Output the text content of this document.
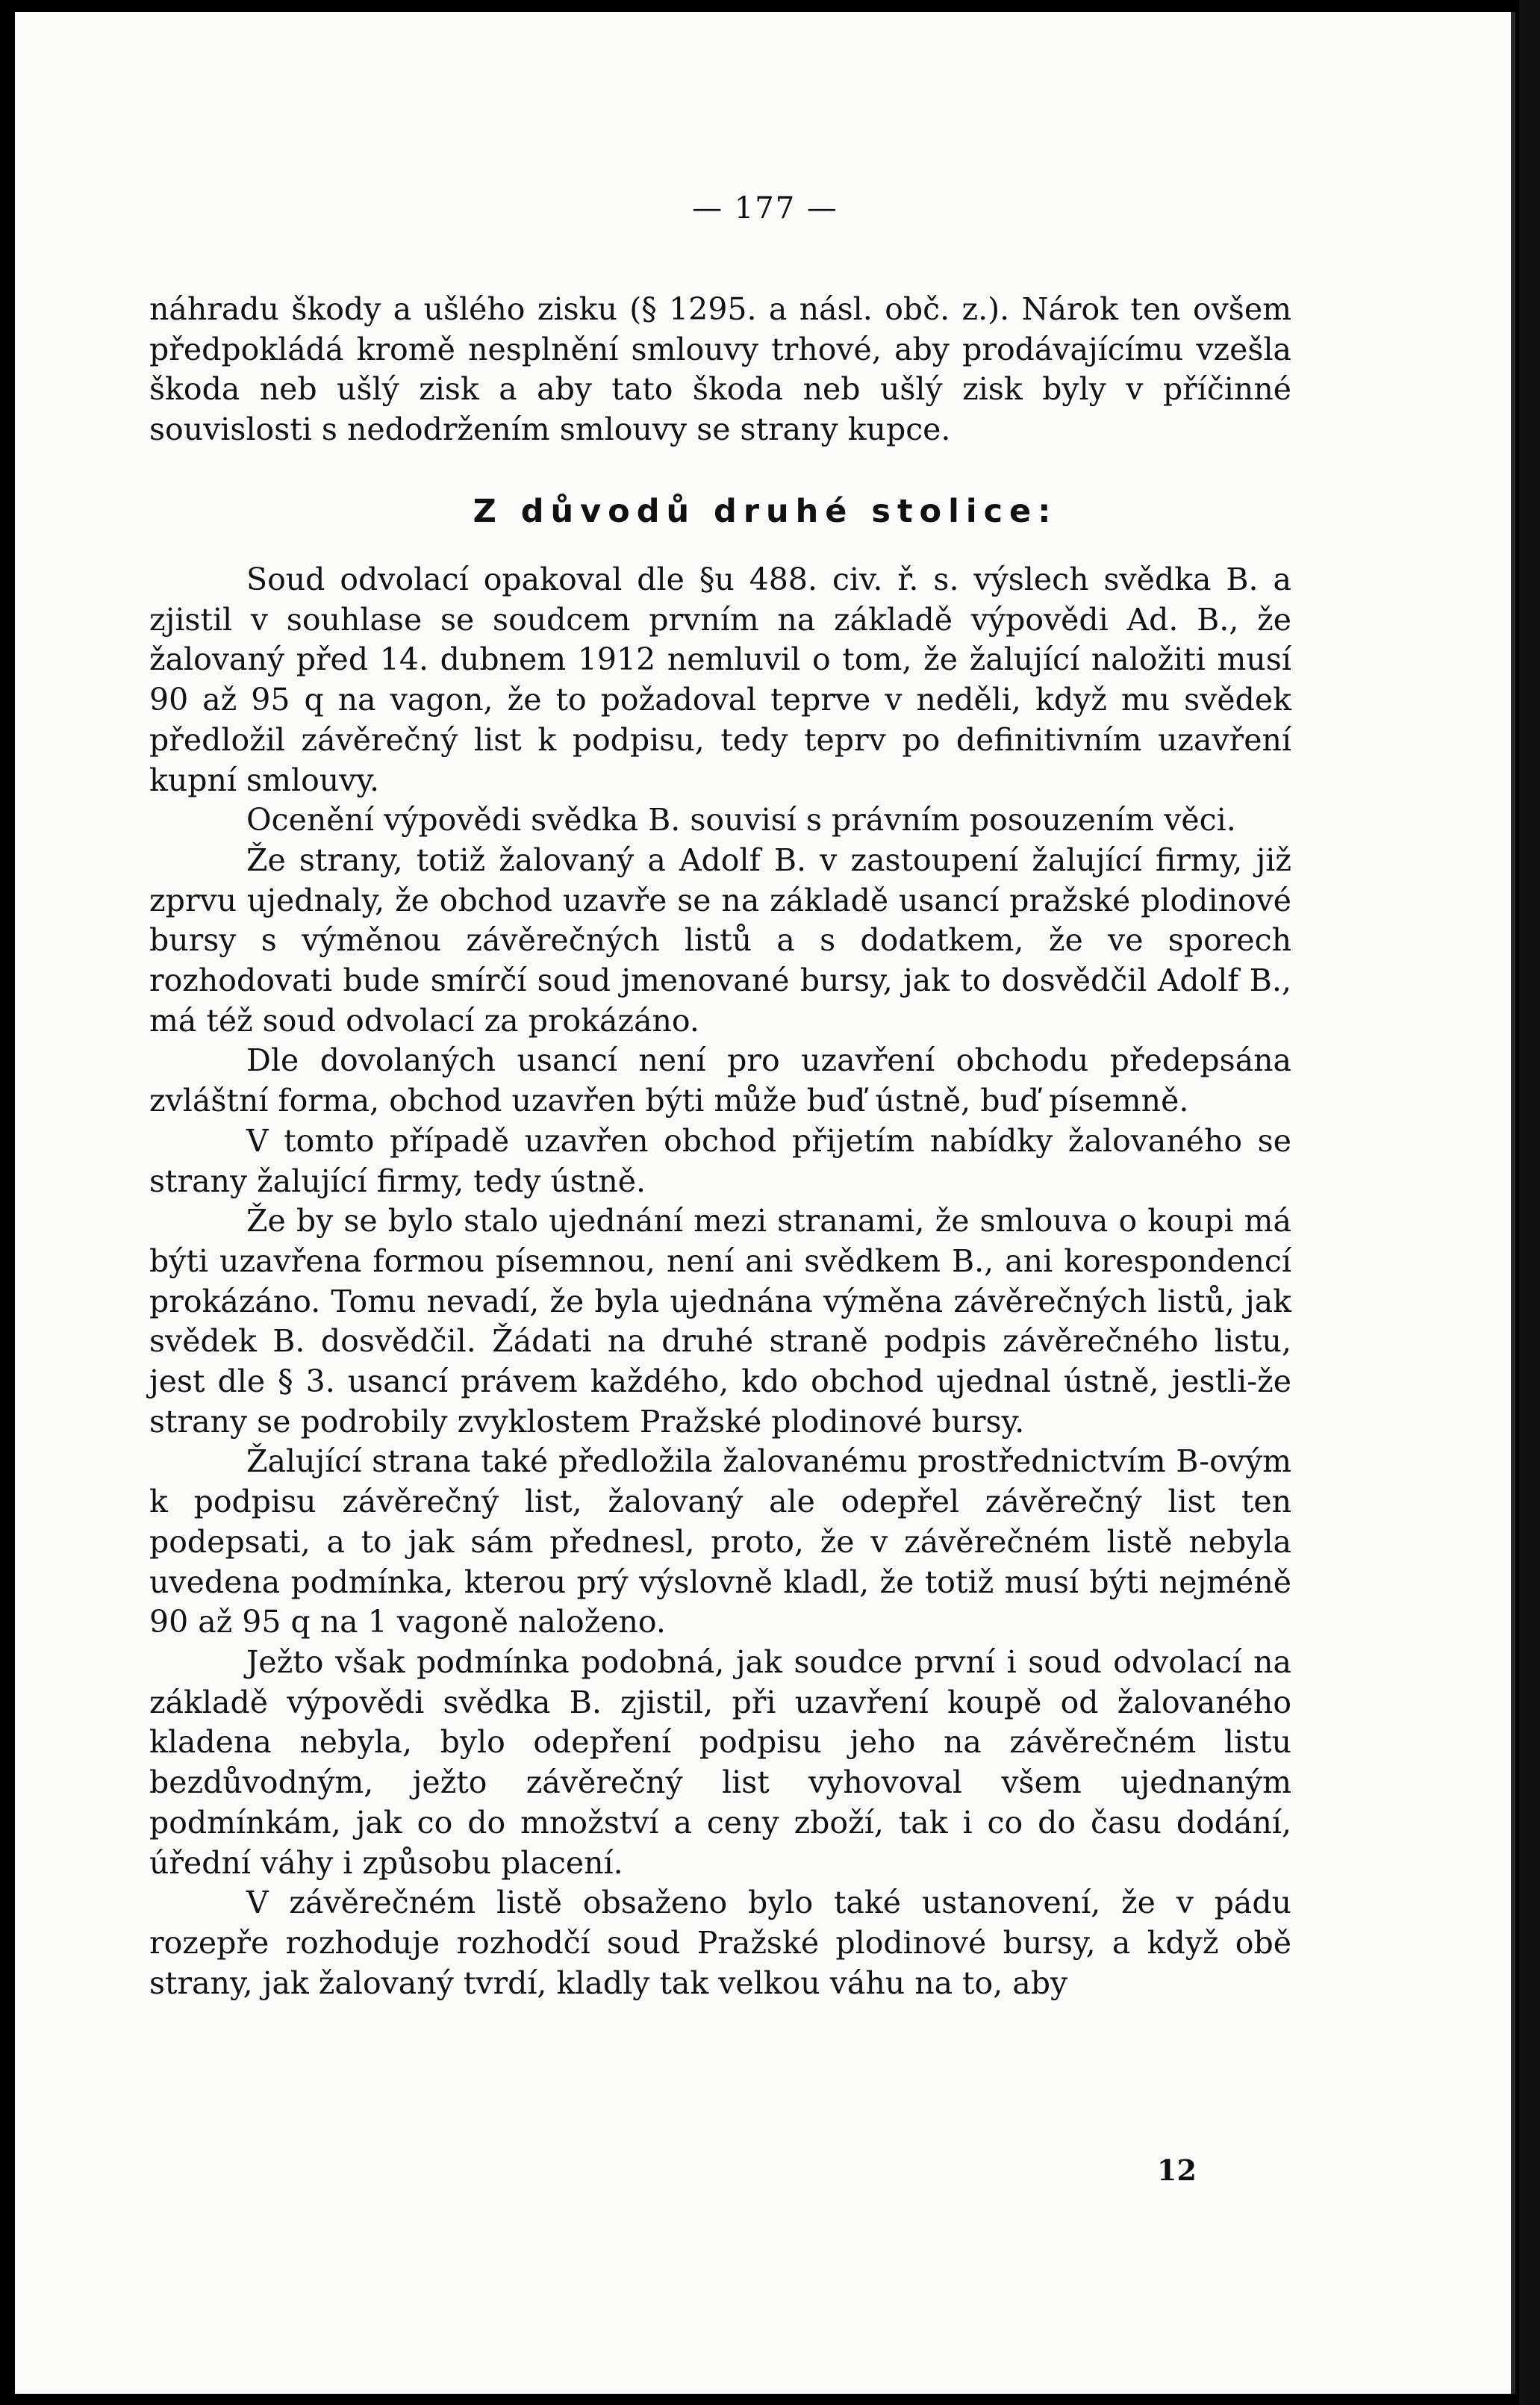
— 177 —

náhradu škody a ušlého zisku (§ 1295. a násl. obč. z.). Nárok ten ovšem předpokládá kromě nesplnění smlouvy trhové, aby prodávajícímu vzešla škoda neb ušlý zisk a aby tato škoda neb ušlý zisk byly v příčinné souvislosti s nedodržením smlouvy se strany kupce.

Z důvodů druhé stolice:

Soud odvolací opakoval dle §u 488. civ. ř. s. výslech svědka B. a zjistil v souhlase se soudcem prvním na základě výpovědi Ad. B., že žalovaný před 14. dubnem 1912 nemluvil o tom, že žalující naložiti musí 90 až 95 q na vagon, že to požadoval teprve v neděli, když mu svědek předložil závěrečný list k podpisu, tedy teprv po definitivním uzavření kupní smlouvy.

Ocenění výpovědi svědka B. souvisí s právním posouzením věci.

Že strany, totiž žalovaný a Adolf B. v zastoupení žalující firmy, již zprvu ujednaly, že obchod uzavře se na základě usancí pražské plodinové bursy s výměnou závěrečných listů a s dodatkem, že ve sporech rozhodovati bude smírčí soud jmenované bursy, jak to dosvědčil Adolf B., má též soud odvolací za prokázáno.

Dle dovolaných usancí není pro uzavření obchodu předepsána zvláštní forma, obchod uzavřen býti může buď ústně, buď písemně.

V tomto případě uzavřen obchod přijetím nabídky žalovaného se strany žalující firmy, tedy ústně.

Že by se bylo stalo ujednání mezi stranami, že smlouva o koupi má býti uzavřena formou písemnou, není ani svědkem B., ani korespondencí prokázáno. Tomu nevadí, že byla ujednána výměna závěrečných listů, jak svědek B. dosvědčil. Žádati na druhé straně podpis závěrečného listu, jest dle § 3. usancí právem každého, kdo obchod ujednal ústně, jestli-že strany se podrobily zvyklostem Pražské plodinové bursy.

Žalující strana také předložila žalovanému prostřednictvím B-ovým k podpisu závěrečný list, žalovaný ale odepřel závěrečný list ten podepsati, a to jak sám přednesl, proto, že v závěrečném listě nebyla uvedena podmínka, kterou prý výslovně kladl, že totiž musí býti nejméně 90 až 95 q na 1 vagoně naloženo.

Ježto však podmínka podobná, jak soudce první i soud odvolací na základě výpovědi svědka B. zjistil, při uzavření koupě od žalovaného kladena nebyla, bylo odepření podpisu jeho na závěrečném listu bezdůvodným, ježto závěrečný list vyhovoval všem ujednaným podmínkám, jak co do množství a ceny zboží, tak i co do času dodání, úřední váhy i způsobu placení.

V závěrečném listě obsaženo bylo také ustanovení, že v pádu rozepře rozhoduje rozhodčí soud Pražské plodinové bursy, a když obě strany, jak žalovaný tvrdí, kladly tak velkou váhu na to, aby

12
